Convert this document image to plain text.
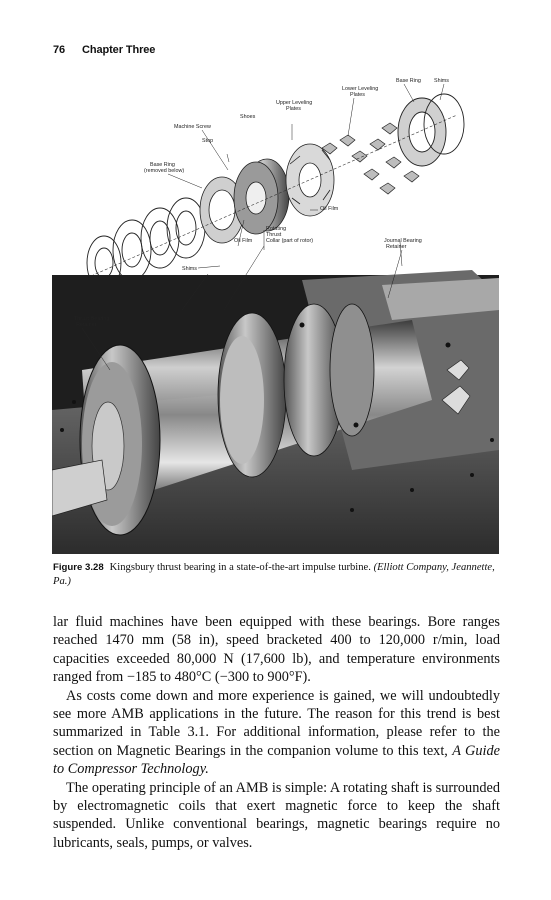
76 Chapter Three
Base Ring Shims
Lower Leveling
Plates
Upper Leveling
Plates
Shoes
Machine Screw
Stop
Base Ring
(removed below)
Oil Film
Rotating
Thrust
Collar (part of rotor)
Oil Film	Journal Bearing
Retainer
Shims
Thrust Bearing
Retainer
Figure 3.28 Kingsbury thrust bearing in a state-of-the-art impulse turbine. (Elliott Company, Jeannette, Pa.)

lar fluid machines have been equipped with these bearings. Bore ranges reached 1470 mm (58 in), speed bracketed 400 to 120,000 r/min, load capacities exceeded 80,000 N (17,600 lb), and temperature environments ranged from −185 to 480°C (−300 to 900°F).

As costs come down and more experience is gained, we will undoubtedly see more AMB applications in the future. The reason for this trend is best summarized in Table 3.1. For additional information, please refer to the section on Magnetic Bearings in the companion volume to this text, A Guide to Compressor Technology.

The operating principle of an AMB is simple: A rotating shaft is surrounded by electromagnetic coils that exert magnetic force to keep the shaft suspended. Unlike conventional bearings, magnetic bearings require no lubricants, seals, pumps, or valves.
